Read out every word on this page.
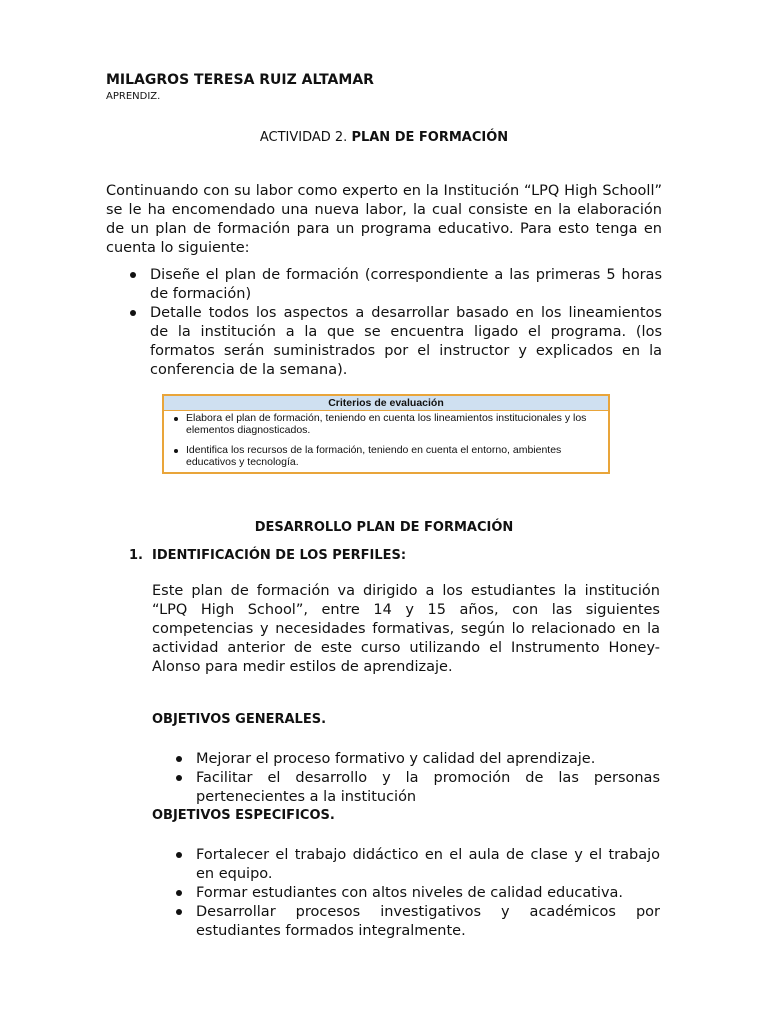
MILAGROS TERESA RUIZ ALTAMAR

APRENDIZ.

ACTIVIDAD 2. PLAN DE FORMACIÓN

Continuando con su labor como experto en la Institución “LPQ High Schooll” se le ha encomendado una nueva labor, la cual consiste en la elaboración de un plan de formación para un programa educativo. Para esto tenga en cuenta lo siguiente:

Diseñe el plan de formación (correspondiente a las primeras 5 horas de formación)
Detalle todos los aspectos a desarrollar basado en los lineamientos de la institución a la que se encuentra ligado el programa. (los formatos serán suministrados por el instructor y explicados en la conferencia de la semana).
Criterios de evaluación
Elabora el plan de formación, teniendo en cuenta los lineamientos institucionales y los elementos diagnosticados.
Identifica los recursos de la formación, teniendo en cuenta el entorno, ambientes educativos y tecnología.

DESARROLLO PLAN DE FORMACIÓN

1.  IDENTIFICACIÓN DE LOS PERFILES:

Este plan de formación va dirigido a los estudiantes la institución “LPQ High School”, entre 14 y 15 años, con las siguientes competencias y necesidades formativas, según lo relacionado en la actividad anterior de este curso utilizando el Instrumento Honey-Alonso para medir estilos de aprendizaje.

OBJETIVOS GENERALES.

Mejorar el proceso formativo y calidad del aprendizaje.
Facilitar el desarrollo y la promoción de las personas pertenecientes a la institución

OBJETIVOS ESPECIFICOS.

Fortalecer el trabajo didáctico en el aula de clase y el trabajo en equipo.
Formar estudiantes con altos niveles de calidad educativa.
Desarrollar procesos investigativos y académicos por estudiantes formados integralmente.
